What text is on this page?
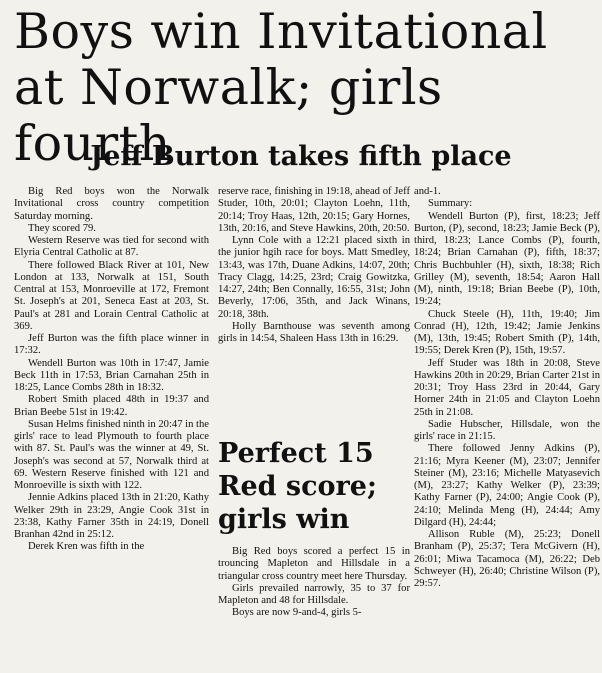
Boys win Invitational
at Norwalk; girls fourth
Jeff Burton takes fifth place

Big Red boys won the Norwalk Invitational cross country competition Saturday morning.

They scored 79.

Western Reserve was tied for second with Elyria Central Catholic at 87.

There followed Black River at 101, New London at 133, Norwalk at 151, South Central at 153, Monroeville at 172, Fremont St. Joseph's at 201, Seneca East at 203, St. Paul's at 281 and Lorain Central Catholic at 369.

Jeff Burton was the fifth place winner in 17:32.

Wendell Burton was 10th in 17:47, Jamie Beck 11th in 17:53, Brian Carnahan 25th in 18:25, Lance Combs 28th in 18:32.

Robert Smith placed 48th in 19:37 and Brian Beebe 51st in 19:42.

Susan Helms finished ninth in 20:47 in the girls' race to lead Plymouth to fourth place with 87. St. Paul's was the winner at 49, St. Joseph's was second at 57, Norwalk third at 69. Western Reserve finished with 121 and Monroeville is sixth with 122.

Jennie Adkins placed 13th in 21:20, Kathy Welker 29th in 23:29, Angie Cook 31st in 23:38, Kathy Farner 35th in 24:19, Donell Branhan 42nd in 25:12.

Derek Kren was fifth in the

reserve race, finishing in 19:18, ahead of Jeff Studer, 10th, 20:01; Clayton Loehn, 11th, 20:14; Troy Haas, 12th, 20:15; Gary Hornes, 13th, 20:16, and Steve Hawkins, 20th, 20:50.

Lynn Cole with a 12:21 placed sixth in the junior hgih race for boys. Matt Smedley, 13:43, was 17th, Duane Adkins, 14:07, 20th; Tracy Clagg, 14:25, 23rd; Craig Gowitzka, 14:27, 24th; Ben Connally, 16:55, 31st; John Beverly, 17:06, 35th, and Jack Winans, 20:18, 38th.

Holly Barnthouse was seventh among girls in 14:54, Shaleen Hass 13th in 16:29.

Perfect 15
Red score;
girls win

Big Red boys scored a perfect 15 in trouncing Mapleton and Hillsdale in a triangular cross country meet here Thursday.

Girls prevailed narrowly, 35 to 37 for Mapleton and 48 for Hillsdale.

Boys are now 9-and-4, girls 5-

and-1.

Summary:

Wendell Burton (P), first, 18:23; Jeff Burton, (P), second, 18:23; Jamie Beck (P), third, 18:23; Lance Combs (P), fourth, 18:24; Brian Carnahan (P), fifth, 18:37; Chris Buchbuhler (H), sixth, 18:38; Rich Grilley (M), seventh, 18:54; Aaron Hall (M), ninth, 19:18; Brian Beebe (P), 10th, 19:24;

Chuck Steele (H), 11th, 19:40; Jim Conrad (H), 12th, 19:42; Jamie Jenkins (M), 13th, 19:45; Robert Smith (P), 14th, 19:55; Derek Kren (P), 15th, 19:57.

Jeff Studer was 18th in 20:08, Steve Hawkins 20th in 20:29, Brian Carter 21st in 20:31; Troy Hass 23rd in 20:44, Gary Horner 24th in 21:05 and Clayton Loehn 25th in 21:08.

Sadie Hubscher, Hillsdale, won the girls' race in 21:15.

There followed Jenny Adkins (P), 21:16; Myra Keener (M), 23:07; Jennifer Steiner (M), 23:16; Michelle Matyasevich (M), 23:27; Kathy Welker (P), 23:39; Kathy Farner (P), 24:00; Angie Cook (P), 24:10; Melinda Meng (H), 24:44; Amy Dilgard (H), 24:44;

Allison Ruble (M), 25:23; Donell Branham (P), 25:37; Tera McGivern (H), 26:01; Miwa Tacamoca (M), 26:22; Deb Schweyer (H), 26:40; Christine Wilson (P), 29:57.
